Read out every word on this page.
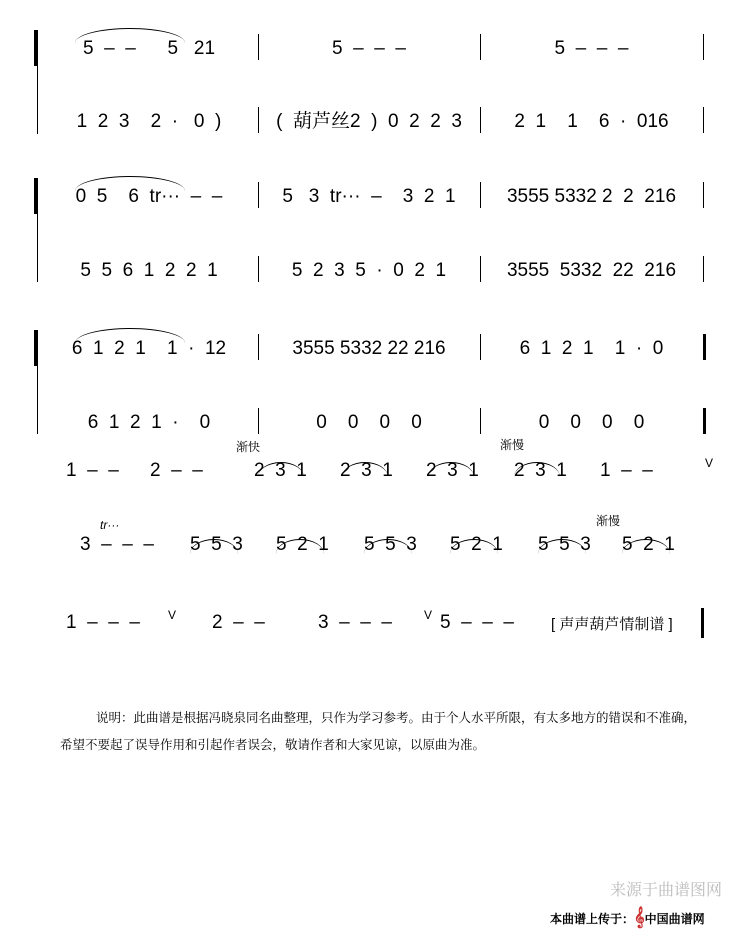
5  –  –      5   21	5  –  –  –	5  –  –  –
1  2  3    2  ·   0  )	(  葫芦丝2  )  0  2  2  3	2  1    1    6  ·  016
0  5    6  tr···  –  –	5   3  tr···  –    3  2  1	3555 5332 2  2  216
5  5  6  1  2  2  1	5  2  3  5  ·  0  2  1	3555  5332  22  216
6  1  2  1    1  ·  12	3555 5332 22 216	6  1  2  1    1  ·  0
6  1  2  1  ·    0	0    0    0    0	0    0    0    0
渐快	渐慢
1  –  – 2  –  –	2  3  1 2  3  1 2  3  1 2  3  1 1  –  –	V
渐慢
tr···
3  –  –  – 5  5  3 5  2  1 5  5  3 5  2  1 5  5  3 5  2  1
[ 声声葫芦情制谱 ]
1  –  –  – V 2  –  –	3  –  –  –	V 5  –  –  –
说明：此曲谱是根据冯晓泉同名曲整理，只作为学习参考。由于个人水平所限，有太多地方的错误和不准确，
希望不要起了误导作用和引起作者误会，敬请作者和大家见谅，以原曲为准。
来源于曲谱图网
本曲谱上传于：𝄞中国曲谱网
